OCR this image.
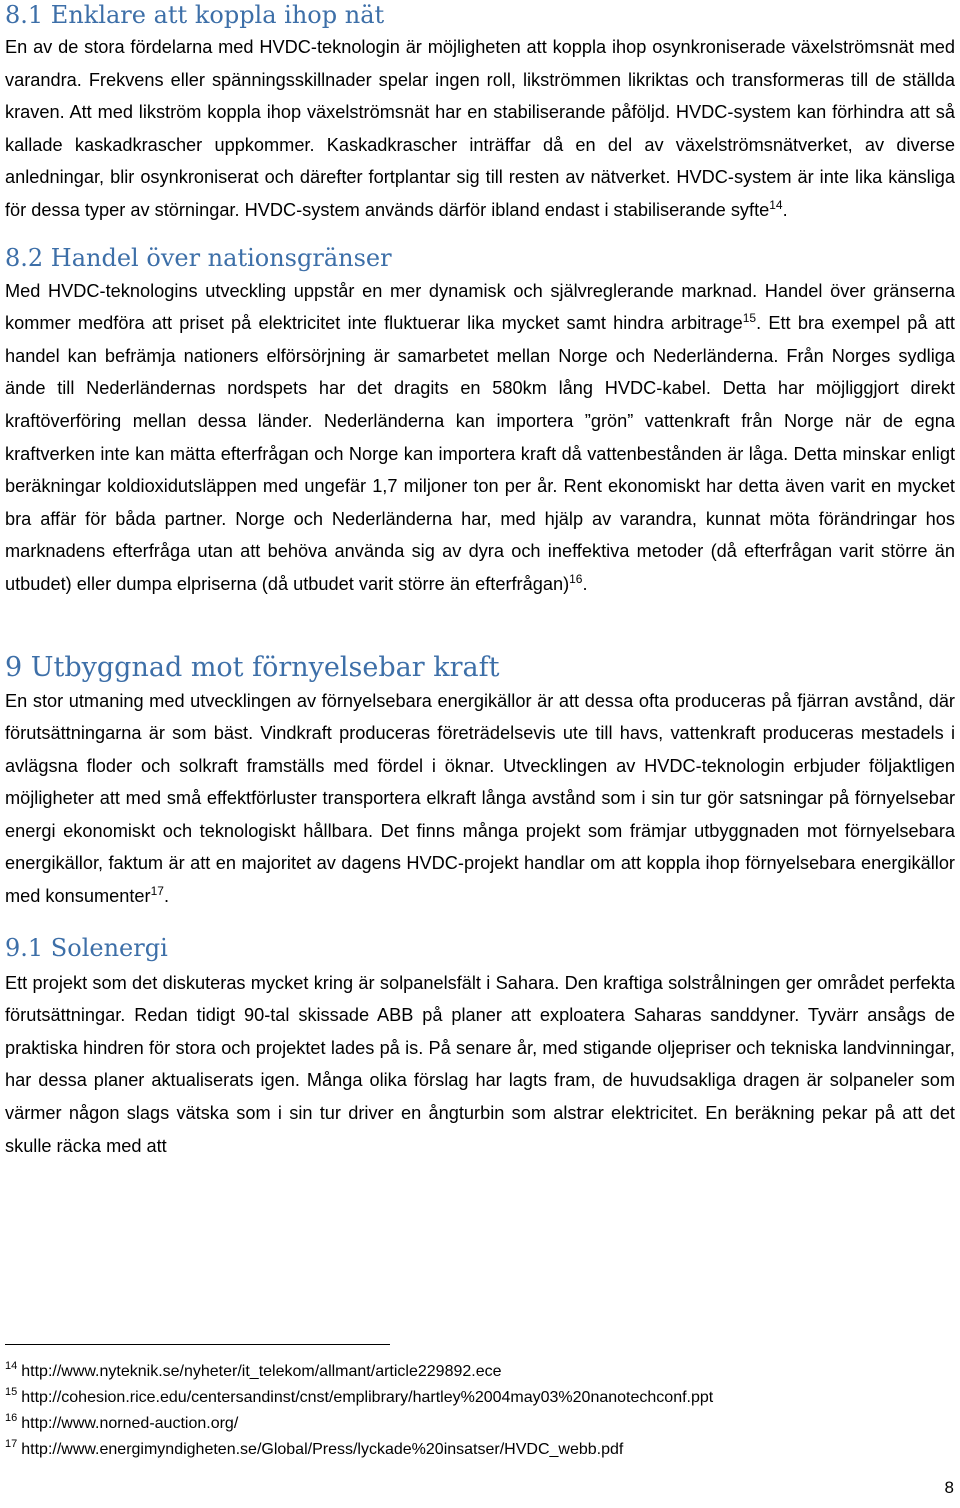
8.1 Enklare att koppla ihop nät

En av de stora fördelarna med HVDC-teknologin är möjligheten att koppla ihop osynkroniserade växelströmsnät med varandra. Frekvens eller spänningsskillnader spelar ingen roll, likströmmen likriktas och transformeras till de ställda kraven. Att med likström koppla ihop växelströmsnät har en stabiliserande påföljd. HVDC-system kan förhindra att så kallade kaskadkrascher uppkommer. Kaskadkrascher inträffar då en del av växelströmsnätverket, av diverse anledningar, blir osynkroniserat och därefter fortplantar sig till resten av nätverket. HVDC-system är inte lika känsliga för dessa typer av störningar. HVDC-system används därför ibland endast i stabiliserande syfte$^{14}$.

8.2 Handel över nationsgränser

Med HVDC-teknologins utveckling uppstår en mer dynamisk och självreglerande marknad. Handel över gränserna kommer medföra att priset på elektricitet inte fluktuerar lika mycket samt hindra arbitrage$^{15}$. Ett bra exempel på att handel kan befrämja nationers elförsörjning är samarbetet mellan Norge och Nederländerna. Från Norges sydliga ände till Nederländernas nordspets har det dragits en 580km lång HVDC-kabel. Detta har möjliggjort direkt kraftöverföring mellan dessa länder. Nederländerna kan importera ”grön” vattenkraft från Norge när de egna kraftverken inte kan mätta efterfrågan och Norge kan importera kraft då vattenbestånden är låga. Detta minskar enligt beräkningar koldioxidutsläppen med ungefär 1,7 miljoner ton per år. Rent ekonomiskt har detta även varit en mycket bra affär för båda partner. Norge och Nederländerna har, med hjälp av varandra, kunnat möta förändringar hos marknadens efterfråga utan att behöva använda sig av dyra och ineffektiva metoder (då efterfrågan varit större än utbudet) eller dumpa elpriserna (då utbudet varit större än efterfrågan)$^{16}$.

9 Utbyggnad mot förnyelsebar kraft

En stor utmaning med utvecklingen av förnyelsebara energikällor är att dessa ofta produceras på fjärran avstånd, där förutsättningarna är som bäst. Vindkraft produceras företrädelsevis ute till havs, vattenkraft produceras mestadels i avlägsna floder och solkraft framställs med fördel i öknar. Utvecklingen av HVDC-teknologin erbjuder följaktligen möjligheter att med små effektförluster transportera elkraft långa avstånd som i sin tur gör satsningar på förnyelsebar energi ekonomiskt och teknologiskt hållbara. Det finns många projekt som främjar utbyggnaden mot förnyelsebara energikällor, faktum är att en majoritet av dagens HVDC-projekt handlar om att koppla ihop förnyelsebara energikällor med konsumenter$^{17}$.

9.1 Solenergi

Ett projekt som det diskuteras mycket kring är solpanelsfält i Sahara. Den kraftiga solstrålningen ger området perfekta förutsättningar. Redan tidigt 90-tal skissade ABB på planer att exploatera Saharas sanddyner. Tyvärr ansågs de praktiska hindren för stora och projektet lades på is. På senare år, med stigande oljepriser och tekniska landvinningar, har dessa planer aktualiserats igen. Många olika förslag har lagts fram, de huvudsakliga dragen är solpaneler som värmer någon slags vätska som i sin tur driver en ångturbin som alstrar elektricitet. En beräkning pekar på att det skulle räcka med att

$^{14}$ http://www.nyteknik.se/nyheter/it_telekom/allmant/article229892.ece
$^{15}$ http://cohesion.rice.edu/centersandinst/cnst/emplibrary/hartley%2004may03%20nanotechconf.ppt
$^{16}$ http://www.norned-auction.org/
$^{17}$ http://www.energimyndigheten.se/Global/Press/lyckade%20insatser/HVDC_webb.pdf
8
